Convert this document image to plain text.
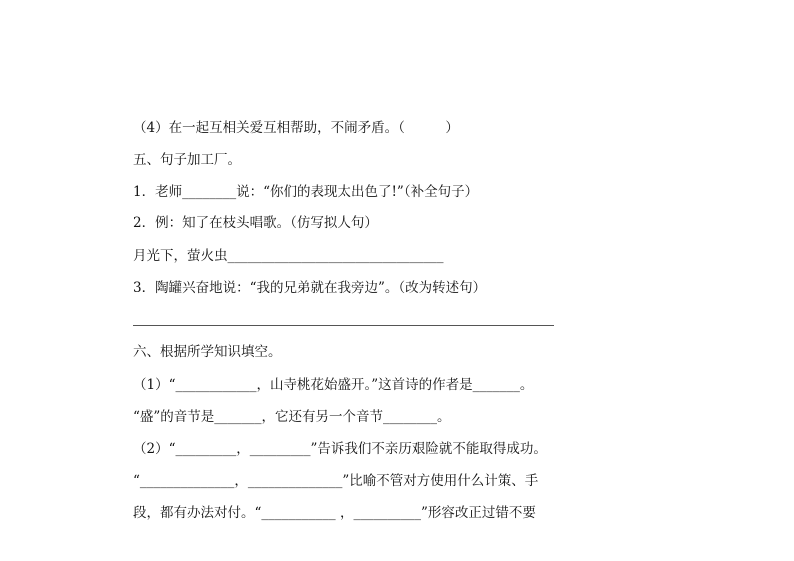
（4）在一起互相关爱互相帮助，不闹矛盾。（　　　）
五、句子加工厂。
1．老师________说：“你们的表现太出色了!”（补全句子）
2．例：知了在枝头唱歌。（仿写拟人句）
月光下，萤火虫________________________________
3．陶罐兴奋地说：“我的兄弟就在我旁边”。（改为转述句）
六、根据所学知识填空。
（1）“____________，山寺桃花始盛开。”这首诗的作者是_______。
“盛”的音节是_______，它还有另一个音节________。
（2）“_________，_________”告诉我们不亲历艰险就不能取得成功。
“______________，______________”比喻不管对方使用什么计策、手
段，都有办法对付。“___________ ，__________”形容改正过错不要
